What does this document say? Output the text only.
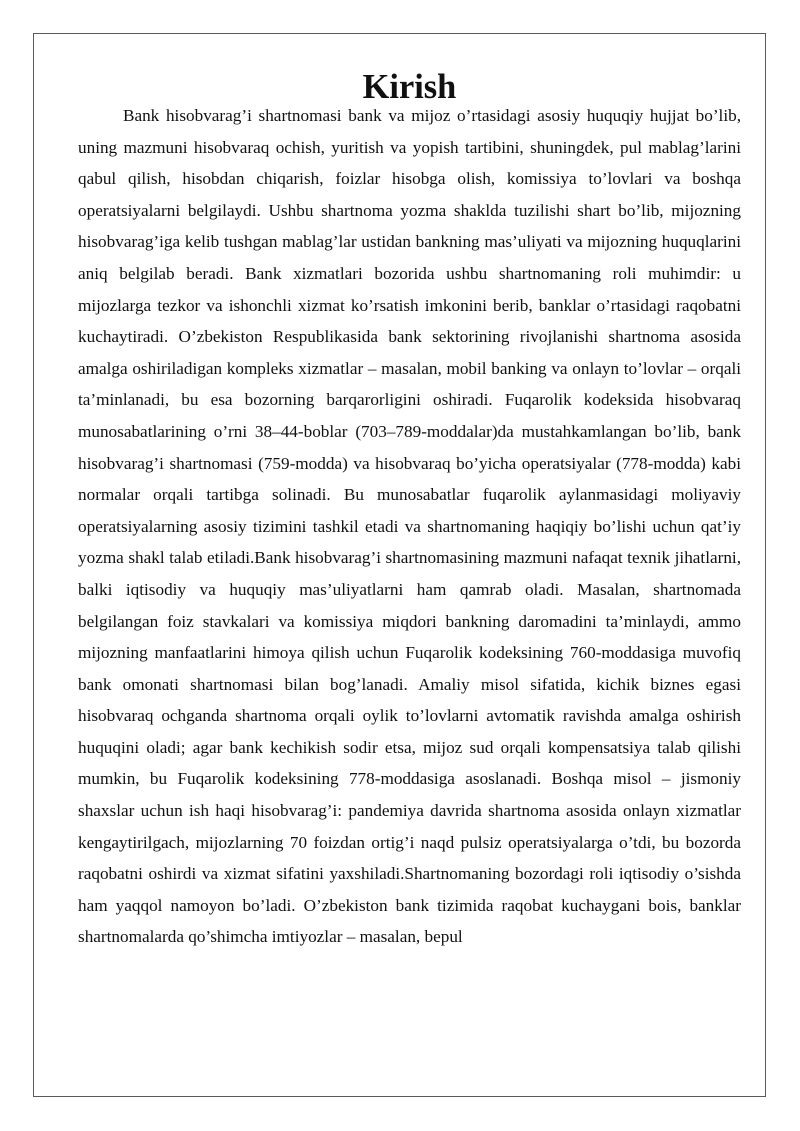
Kirish

Bank hisobvarag’i shartnomasi bank va mijoz o’rtasidagi asosiy huquqiy hujjat bo’lib, uning mazmuni hisobvaraq ochish, yuritish va yopish tartibini, shuningdek, pul mablag’larini qabul qilish, hisobdan chiqarish, foizlar hisobga olish, komissiya to’lovlari va boshqa operatsiyalarni belgilaydi. Ushbu shartnoma yozma shaklda tuzilishi shart bo’lib, mijozning hisobvarag’iga kelib tushgan mablag’lar ustidan bankning mas’uliyati va mijozning huquqlarini aniq belgilab beradi. Bank xizmatlari bozorida ushbu shartnomaning roli muhimdir: u mijozlarga tezkor va ishonchli xizmat ko’rsatish imkonini berib, banklar o’rtasidagi raqobatni kuchaytiradi. O’zbekiston Respublikasida bank sektorining rivojlanishi shartnoma asosida amalga oshiriladigan kompleks xizmatlar – masalan, mobil banking va onlayn to’lovlar – orqali ta’minlanadi, bu esa bozorning barqarorligini oshiradi. Fuqarolik kodeksida hisobvaraq munosabatlarining o’rni 38–44-boblar (703–789-moddalar)da mustahkamlangan bo’lib, bank hisobvarag’i shartnomasi (759-modda) va hisobvaraq bo’yicha operatsiyalar (778-modda) kabi normalar orqali tartibga solinadi. Bu munosabatlar fuqarolik aylanmasidagi moliyaviy operatsiyalarning asosiy tizimini tashkil etadi va shartnomaning haqiqiy bo’lishi uchun qat’iy yozma shakl talab etiladi.Bank hisobvarag’i shartnomasining mazmuni nafaqat texnik jihatlarni, balki iqtisodiy va huquqiy mas’uliyatlarni ham qamrab oladi. Masalan, shartnomada belgilangan foiz stavkalari va komissiya miqdori bankning daromadini ta’minlaydi, ammo mijozning manfaatlarini himoya qilish uchun Fuqarolik kodeksining 760-moddasiga muvofiq bank omonati shartnomasi bilan bog’lanadi. Amaliy misol sifatida, kichik biznes egasi hisobvaraq ochganda shartnoma orqali oylik to’lovlarni avtomatik ravishda amalga oshirish huquqini oladi; agar bank kechikish sodir etsa, mijoz sud orqali kompensatsiya talab qilishi mumkin, bu Fuqarolik kodeksining 778-moddasiga asoslanadi. Boshqa misol – jismoniy shaxslar uchun ish haqi hisobvarag’i: pandemiya davrida shartnoma asosida onlayn xizmatlar kengaytirilgach, mijozlarning 70 foizdan ortig’i naqd pulsiz operatsiyalarga o’tdi, bu bozorda raqobatni oshirdi va xizmat sifatini yaxshiladi.Shartnomaning bozordagi roli iqtisodiy o’sishda ham yaqqol namoyon bo’ladi. O’zbekiston bank tizimida raqobat kuchaygani bois, banklar shartnomalarda qo’shimcha imtiyozlar – masalan, bepul
